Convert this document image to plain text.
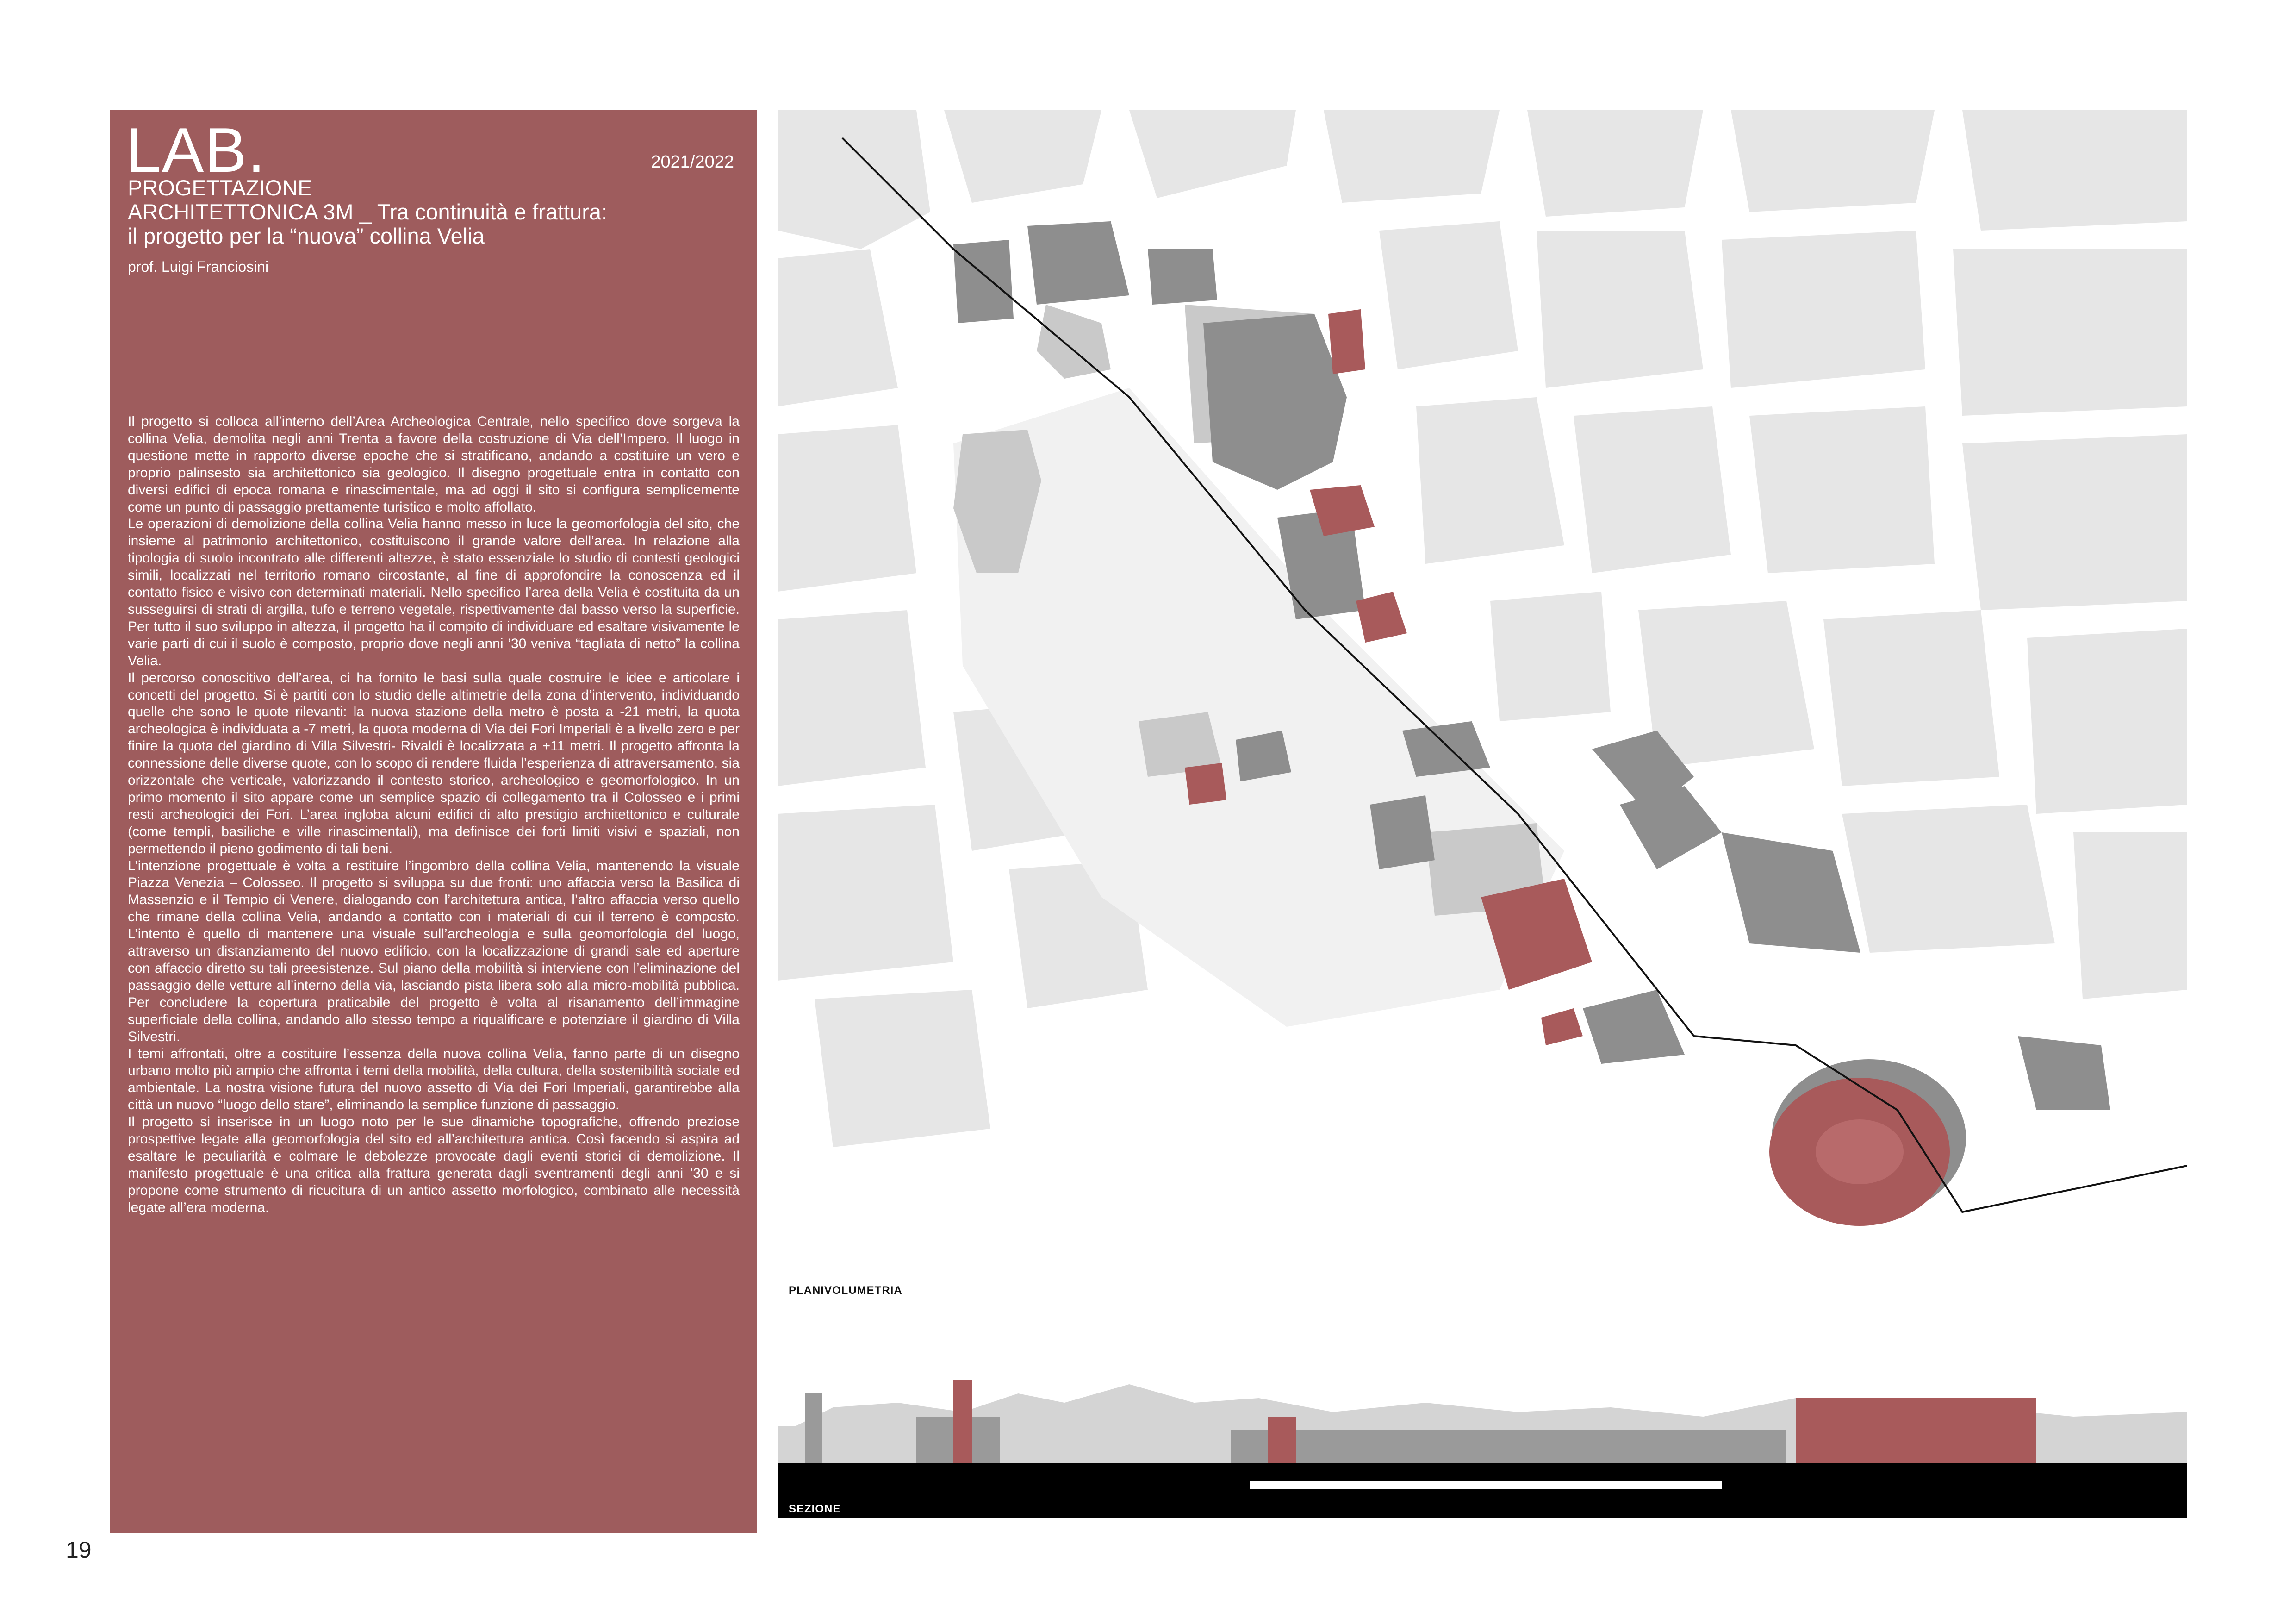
LAB.	2021/2022
PROGETTAZIONE
ARCHITETTONICA 3M _ Tra continuità e frattura:
il progetto per la “nuova” collina Velia
prof. Luigi Franciosini

Il progetto si colloca all’interno dell’Area Archeologica Centrale, nello specifico dove sorgeva la collina Velia, demolita negli anni Trenta a favore della costruzione di Via dell’Impero. Il luogo in questione mette in rapporto diverse epoche che si stratificano, andando a costituire un vero e proprio palinsesto sia architettonico sia geologico. Il disegno progettuale entra in contatto con diversi edifici di epoca romana e rinascimentale, ma ad oggi il sito si configura semplicemente come un punto di passaggio prettamente turistico e molto affollato.

Le operazioni di demolizione della collina Velia hanno messo in luce la geomorfologia del sito, che insieme al patrimonio architettonico, costituiscono il grande valore dell’area. In relazione alla tipologia di suolo incontrato alle differenti altezze, è stato essenziale lo studio di contesti geologici simili, localizzati nel territorio romano circostante, al fine di approfondire la conoscenza ed il contatto fisico e visivo con determinati materiali. Nello specifico l’area della Velia è costituita da un susseguirsi di strati di argilla, tufo e terreno vegetale, rispettivamente dal basso verso la superficie. Per tutto il suo sviluppo in altezza, il progetto ha il compito di individuare ed esaltare visivamente le varie parti di cui il suolo è composto, proprio dove negli anni ’30 veniva “tagliata di netto” la collina Velia.

Il percorso conoscitivo dell’area, ci ha fornito le basi sulla quale costruire le idee e articolare i concetti del progetto. Si è partiti con lo studio delle altimetrie della zona d’intervento, individuando quelle che sono le quote rilevanti: la nuova stazione della metro è posta a -21 metri, la quota archeologica è individuata a -7 metri, la quota moderna di Via dei Fori Imperiali è a livello zero e per finire la quota del giardino di Villa Silvestri- Rivaldi è localizzata a +11 metri. Il progetto affronta la connessione delle diverse quote, con lo scopo di rendere fluida l’esperienza di attraversamento, sia orizzontale che verticale, valorizzando il contesto storico, archeologico e geomorfologico. In un primo momento il sito appare come un semplice spazio di collegamento tra il Colosseo e i primi resti archeologici dei Fori. L’area ingloba alcuni edifici di alto prestigio architettonico e culturale (come templi, basiliche e ville rinascimentali), ma definisce dei forti limiti visivi e spaziali, non permettendo il pieno godimento di tali beni.

L’intenzione progettuale è volta a restituire l’ingombro della collina Velia, mantenendo la visuale Piazza Venezia – Colosseo. Il progetto si sviluppa su due fronti: uno affaccia verso la Basilica di Massenzio e il Tempio di Venere, dialogando con l’architettura antica, l’altro affaccia verso quello che rimane della collina Velia, andando a contatto con i materiali di cui il terreno è composto. L’intento è quello di mantenere una visuale sull’archeologia e sulla geomorfologia del luogo, attraverso un distanziamento del nuovo edificio, con la localizzazione di grandi sale ed aperture con affaccio diretto su tali preesistenze. Sul piano della mobilità si interviene con l’eliminazione del passaggio delle vetture all’interno della via, lasciando pista libera solo alla micro-mobilità pubblica. Per concludere la copertura praticabile del progetto è volta al risanamento dell’immagine superficiale della collina, andando allo stesso tempo a riqualificare e potenziare il giardino di Villa Silvestri.

I temi affrontati, oltre a costituire l’essenza della nuova collina Velia, fanno parte di un disegno urbano molto più ampio che affronta i temi della mobilità, della cultura, della sostenibilità sociale ed ambientale. La nostra visione futura del nuovo assetto di Via dei Fori Imperiali, garantirebbe alla città un nuovo “luogo dello stare”, eliminando la semplice funzione di passaggio.

Il progetto si inserisce in un luogo noto per le sue dinamiche topografiche, offrendo preziose prospettive legate alla geomorfologia del sito ed all’architettura antica. Così facendo si aspira ad esaltare le peculiarità e colmare le debolezze provocate dagli eventi storici di demolizione. Il manifesto progettuale è una critica alla frattura generata dagli sventramenti degli anni ’30 e si propone come strumento di ricucitura di un antico assetto morfologico, combinato alle necessità legate all’era moderna.

PLANIVOLUMETRIA
SEZIONE
19
